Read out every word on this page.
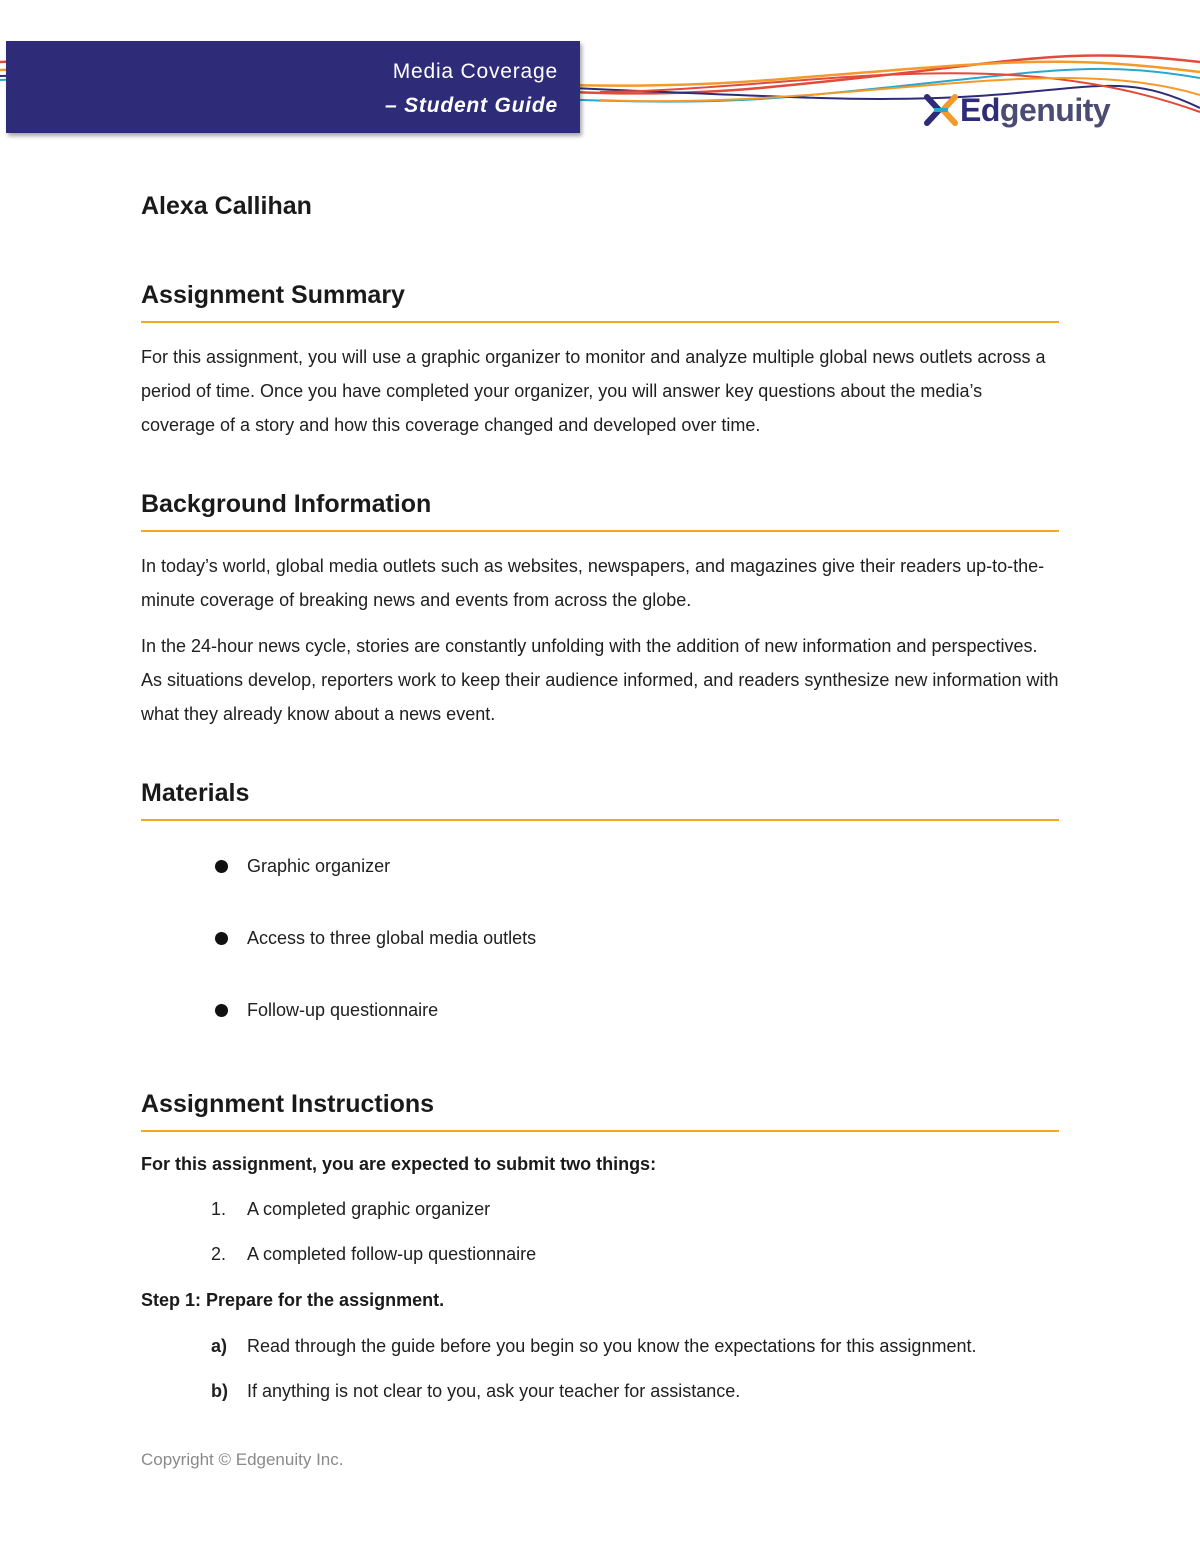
Media Coverage
– Student Guide	Edgenuity
Alexa Callihan
Assignment Summary

For this assignment, you will use a graphic organizer to monitor and analyze multiple global news outlets across a period of time. Once you have completed your organizer, you will answer key questions about the media’s coverage of a story and how this coverage changed and developed over time.

Background Information

In today’s world, global media outlets such as websites, newspapers, and magazines give their readers up-to-the-minute coverage of breaking news and events from across the globe.

In the 24-hour news cycle, stories are constantly unfolding with the addition of new information and perspectives. As situations develop, reporters work to keep their audience informed, and readers synthesize new information with what they already know about a news event.

Materials
Graphic organizer
Access to three global media outlets
Follow-up questionnaire
Assignment Instructions
For this assignment, you are expected to submit two things:
1. A completed graphic organizer
2. A completed follow-up questionnaire
Step 1: Prepare for the assignment.
a) Read through the guide before you begin so you know the expectations for this assignment.
b) If anything is not clear to you, ask your teacher for assistance.
Copyright © Edgenuity Inc.
